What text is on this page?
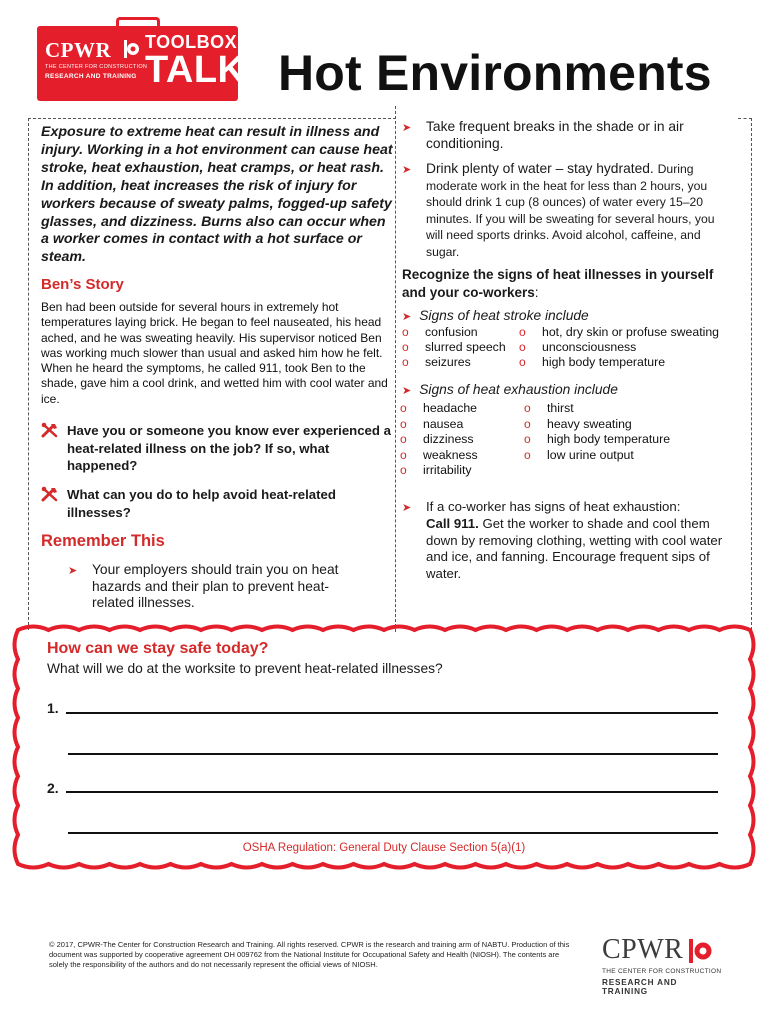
CPWR
THE CENTER FOR CONSTRUCTION
RESEARCH AND TRAINING
TOOLBOX
TALK Hot Environments

Exposure to extreme heat can result in illness and injury. Working in a hot environment can cause heat stroke, heat exhaustion, heat cramps, or heat rash. In addition, heat increases the risk of injury for workers because of sweaty palms, fogged-up safety glasses, and dizziness. Burns also can occur when a worker comes in contact with a hot surface or steam.

Ben’s Story

Ben had been outside for several hours in extremely hot temperatures laying brick. He began to feel nauseated, his head ached, and he was sweating heavily. His supervisor noticed Ben was working much slower than usual and asked him how he felt. When he heard the symptoms, he called 911, took Ben to the shade, gave him a cool drink, and wetted him with cool water and ice.

Have you or someone you know ever experienced a heat-related illness on the job? If so, what happened?
What can you do to help avoid heat-related illnesses?
Remember This
➤ Your employers should train you on heat hazards and their plan to prevent heat-related illnesses.
➤ Take frequent breaks in the shade or in air conditioning.
➤ Drink plenty of water – stay hydrated. During moderate work in the heat for less than 2 hours, you should drink 1 cup (8 ounces) of water every 15–20 minutes. If you will be sweating for several hours, you will need sports drinks. Avoid alcohol, caffeine, and sugar.

Recognize the signs of heat illnesses in yourself and your co-workers:

➤ Signs of heat stroke include
o confusion
o slurred speech
o seizures
o hot, dry skin or profuse sweating
o unconsciousness
o high body temperature
➤ Signs of heat exhaustion include
o headache
o nausea
o dizziness
o weakness
o irritability
o thirst
o heavy sweating
o high body temperature
o low urine output
➤ If a co-worker has signs of heat exhaustion:
Call 911. Get the worker to shade and cool them down by removing clothing, wetting with cool water and ice, and fanning. Encourage frequent sips of water.
How can we stay safe today?

What will we do at the worksite to prevent heat-related illnesses?

1.
2.

OSHA Regulation: General Duty Clause Section 5(a)(1)

© 2017, CPWR-The Center for Construction Research and Training. All rights reserved. CPWR is the research and training arm of NABTU. Production of this document was supported by cooperative agreement OH 009762 from the National Institute for Occupational Safety and Health (NIOSH). The contents are solely the responsibility of the authors and do not necessarily represent the official views of NIOSH.	CPWR
THE CENTER FOR CONSTRUCTION
RESEARCH AND TRAINING
